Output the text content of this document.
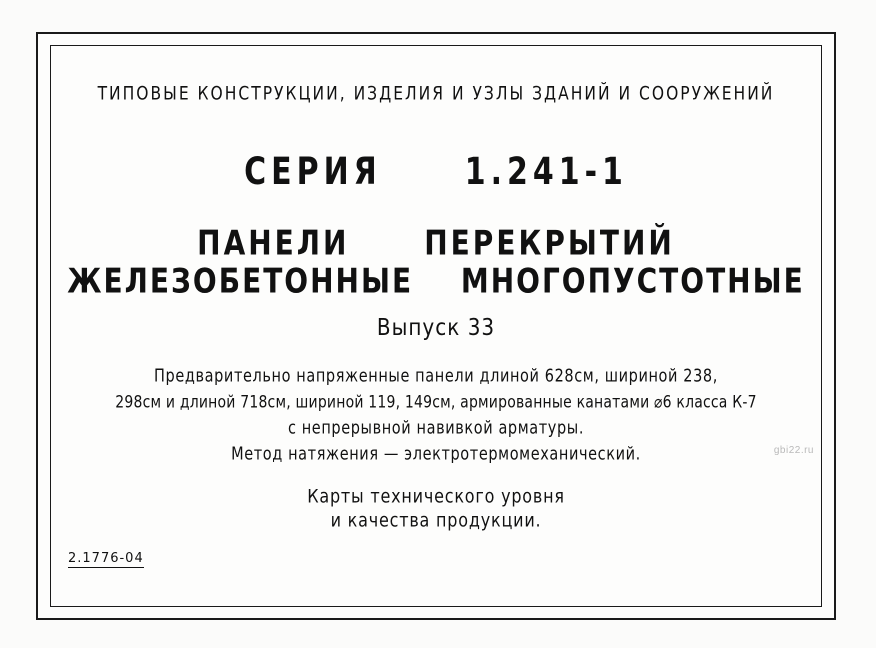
ТИПОВЫЕ КОНСТРУКЦИИ, ИЗДЕЛИЯ И УЗЛЫ ЗДАНИЙ И СООРУЖЕНИЙ
СЕРИЯ	1.241-1
ПАНЕЛИ	ПЕРЕКРЫТИЙ
ЖЕЛЕЗОБЕТОННЫЕ МНОГОПУСТОТНЫЕ
Выпуск 33
Предварительно напряженные панели длиной 628см, шириной 238,
298см и длиной 718см, шириной 119, 149см, армированные канатами ⌀6 класса К-7
с непрерывной навивкой арматуры.
Метод натяжения — электротермомеханический.
Карты технического уровня
и качества продукции.
2.1776-04
gbi22.ru
